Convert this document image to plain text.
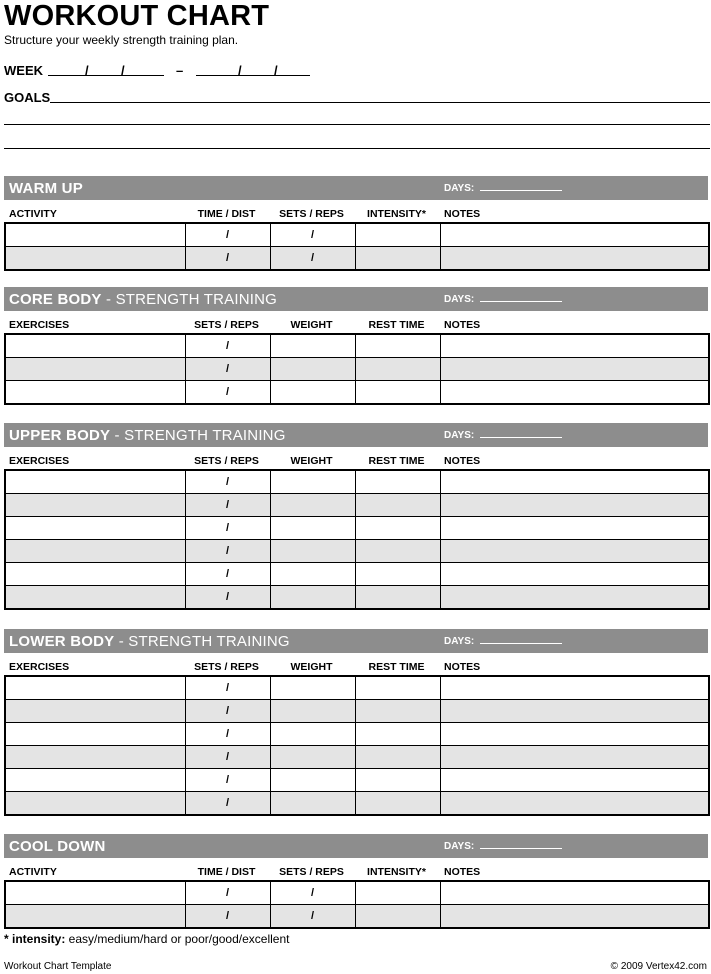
WORKOUT CHART
Structure your weekly strength training plan.
WEEK	/ /	–	/ /
GOALS
WARM UP	DAYS:
ACTIVITY	TIME / DIST	SETS / REPS	INTENSITY*	NOTES
	/	/		
	/	/		
CORE BODY - STRENGTH TRAINING	DAYS:
EXERCISES	SETS / REPS	WEIGHT	REST TIME	NOTES
	/			
	/			
	/			
UPPER BODY - STRENGTH TRAINING	DAYS:
EXERCISES	SETS / REPS	WEIGHT	REST TIME	NOTES
	/			
	/			
	/			
	/			
	/			
	/			
LOWER BODY - STRENGTH TRAINING	DAYS:
EXERCISES	SETS / REPS	WEIGHT	REST TIME	NOTES
	/			
	/			
	/			
	/			
	/			
	/			
COOL DOWN	DAYS:
ACTIVITY	TIME / DIST	SETS / REPS	INTENSITY*	NOTES
	/	/		
	/	/		
* intensity: easy/medium/hard or poor/good/excellent
Workout Chart Template	© 2009 Vertex42.com
